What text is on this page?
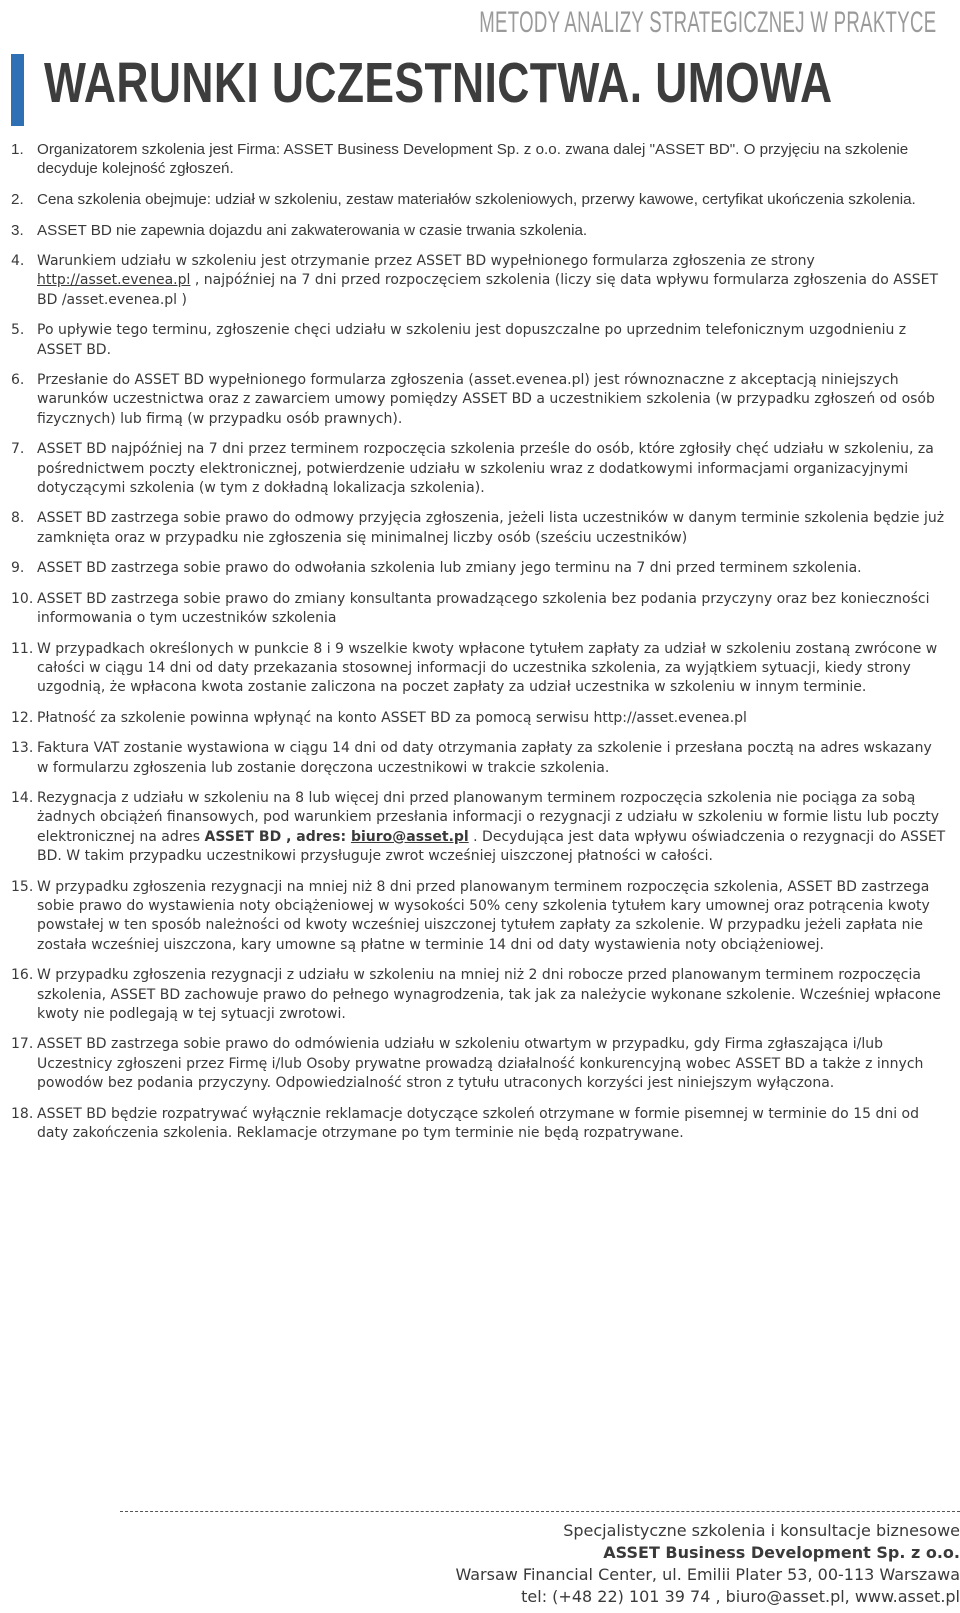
METODY ANALIZY STRATEGICZNEJ W PRAKTYCE
WARUNKI UCZESTNICTWA. UMOWA
1. Organizatorem szkolenia jest Firma: ASSET Business Development Sp. z o.o. zwana dalej "ASSET BD". O przyjęciu na szkolenie decyduje kolejność zgłoszeń.
2. Cena szkolenia obejmuje: udział w szkoleniu, zestaw materiałów szkoleniowych, przerwy kawowe, certyfikat ukończenia szkolenia.
3. ASSET BD nie zapewnia dojazdu ani zakwaterowania w czasie trwania szkolenia.
4. Warunkiem udziału w szkoleniu jest otrzymanie przez ASSET BD wypełnionego formularza zgłoszenia ze strony http://asset.evenea.pl , najpóźniej na 7 dni przed rozpoczęciem szkolenia (liczy się data wpływu formularza zgłoszenia do ASSET BD /asset.evenea.pl )
5. Po upływie tego terminu, zgłoszenie chęci udziału w szkoleniu jest dopuszczalne po uprzednim telefonicznym uzgodnieniu z ASSET BD.
6. Przesłanie do ASSET BD wypełnionego formularza zgłoszenia (asset.evenea.pl) jest równoznaczne z akceptacją niniejszych warunków uczestnictwa oraz z zawarciem umowy pomiędzy ASSET BD a uczestnikiem szkolenia (w przypadku zgłoszeń od osób fizycznych) lub firmą (w przypadku osób prawnych).
7. ASSET BD najpóźniej na 7 dni przez terminem rozpoczęcia szkolenia prześle do osób, które zgłosiły chęć udziału w szkoleniu, za pośrednictwem poczty elektronicznej, potwierdzenie udziału w szkoleniu wraz z dodatkowymi informacjami organizacyjnymi dotyczącymi szkolenia (w tym z dokładną lokalizacja szkolenia).
8. ASSET BD zastrzega sobie prawo do odmowy przyjęcia zgłoszenia, jeżeli lista uczestników w danym terminie szkolenia będzie już zamknięta oraz w przypadku nie zgłoszenia się minimalnej liczby osób (sześciu uczestników)
9. ASSET BD zastrzega sobie prawo do odwołania szkolenia lub zmiany jego terminu na 7 dni przed terminem szkolenia.
10. ASSET BD zastrzega sobie prawo do zmiany konsultanta prowadzącego szkolenia bez podania przyczyny oraz bez konieczności informowania o tym uczestników szkolenia
11. W przypadkach określonych w punkcie 8 i 9 wszelkie kwoty wpłacone tytułem zapłaty za udział w szkoleniu zostaną zwrócone w całości w ciągu 14 dni od daty przekazania stosownej informacji do uczestnika szkolenia, za wyjątkiem sytuacji, kiedy strony uzgodnią, że wpłacona kwota zostanie zaliczona na poczet zapłaty za udział uczestnika w szkoleniu w innym terminie.
12. Płatność za szkolenie powinna wpłynąć na konto ASSET BD za pomocą serwisu http://asset.evenea.pl
13. Faktura VAT zostanie wystawiona w ciągu 14 dni od daty otrzymania zapłaty za szkolenie i przesłana pocztą na adres wskazany w formularzu zgłoszenia lub zostanie doręczona uczestnikowi w trakcie szkolenia.
14. Rezygnacja z udziału w szkoleniu na 8 lub więcej dni przed planowanym terminem rozpoczęcia szkolenia nie pociąga za sobą żadnych obciążeń finansowych, pod warunkiem przesłania informacji o rezygnacji z udziału w szkoleniu w formie listu lub poczty elektronicznej na adres ASSET BD , adres: biuro@asset.pl . Decydująca jest data wpływu oświadczenia o rezygnacji do ASSET BD. W takim przypadku uczestnikowi przysługuje zwrot wcześniej uiszczonej płatności w całości.
15. W przypadku zgłoszenia rezygnacji na mniej niż 8 dni przed planowanym terminem rozpoczęcia szkolenia, ASSET BD zastrzega sobie prawo do wystawienia noty obciążeniowej w wysokości 50% ceny szkolenia tytułem kary umownej oraz potrącenia kwoty powstałej w ten sposób należności od kwoty wcześniej uiszczonej tytułem zapłaty za szkolenie. W przypadku jeżeli zapłata nie została wcześniej uiszczona, kary umowne są płatne w terminie 14 dni od daty wystawienia noty obciążeniowej.
16. W przypadku zgłoszenia rezygnacji z udziału w szkoleniu na mniej niż 2 dni robocze przed planowanym terminem rozpoczęcia szkolenia, ASSET BD zachowuje prawo do pełnego wynagrodzenia, tak jak za należycie wykonane szkolenie. Wcześniej wpłacone kwoty nie podlegają w tej sytuacji zwrotowi.
17. ASSET BD zastrzega sobie prawo do odmówienia udziału w szkoleniu otwartym w przypadku, gdy Firma zgłaszająca i/lub Uczestnicy zgłoszeni przez Firmę i/lub Osoby prywatne prowadzą działalność konkurencyjną wobec ASSET BD a także z innych powodów bez podania przyczyny. Odpowiedzialność stron z tytułu utraconych korzyści jest niniejszym wyłączona.
18. ASSET BD będzie rozpatrywać wyłącznie reklamacje dotyczące szkoleń otrzymane w formie pisemnej w terminie do 15 dni od daty zakończenia szkolenia. Reklamacje otrzymane po tym terminie nie będą rozpatrywane.
Specjalistyczne szkolenia i konsultacje biznesowe
ASSET Business Development Sp. z o.o.
Warsaw Financial Center, ul. Emilii Plater 53, 00-113 Warszawa
tel: (+48 22) 101 39 74 , biuro@asset.pl, www.asset.pl
